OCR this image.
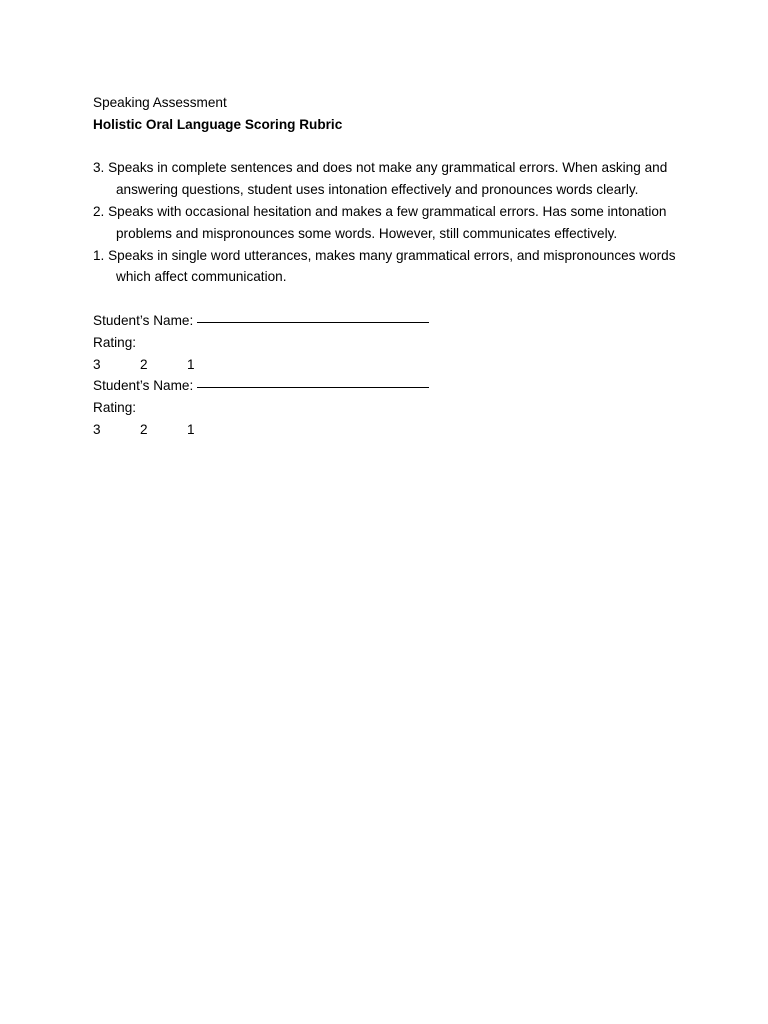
Speaking Assessment
Holistic Oral Language Scoring Rubric
3. Speaks in complete sentences and does not make any grammatical errors. When asking and answering questions, student uses intonation effectively and pronounces words clearly.
2. Speaks with occasional hesitation and makes a few grammatical errors. Has some intonation problems and mispronounces some words. However, still communicates effectively.
1. Speaks in single word utterances, makes many grammatical errors, and mispronounces words which affect communication.
Student’s Name:
Rating:
3	2	1
Student’s Name:
Rating:
3	2	1
